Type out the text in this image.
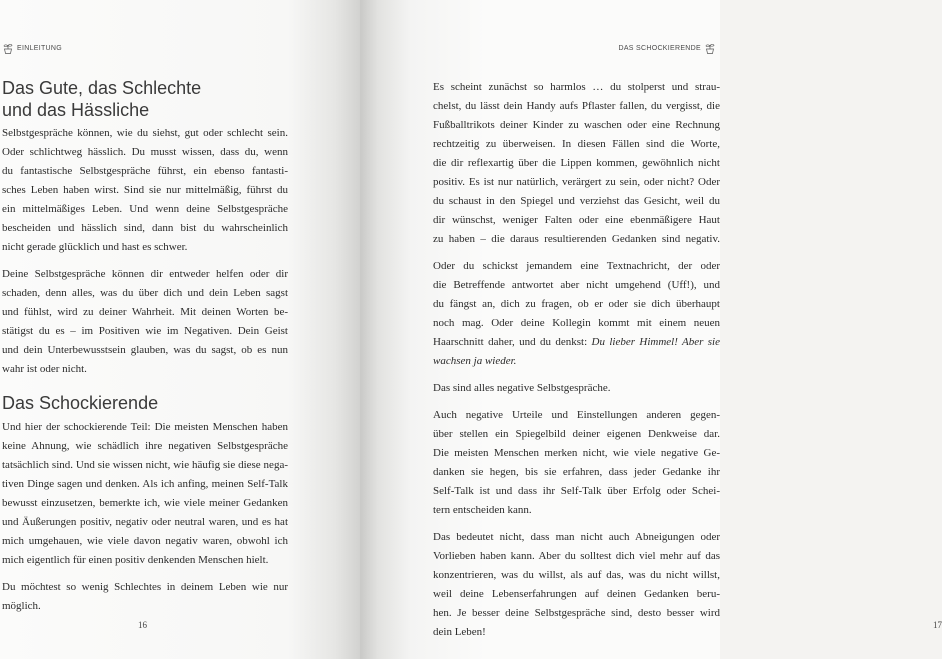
EINLEITUNG
Das Gute, das Schlechte
und das Hässliche

Selbstgespräche können, wie du siehst, gut oder schlecht sein.
Oder schlichtweg hässlich. Du musst wissen, dass du, wenn
du fantastische Selbstgespräche führst, ein ebenso fantasti-
sches Leben haben wirst. Sind sie nur mittelmäßig, führst du
ein mittelmäßiges Leben. Und wenn deine Selbstgespräche
bescheiden und hässlich sind, dann bist du wahrscheinlich
nicht gerade glücklich und hast es schwer.

Deine Selbstgespräche können dir entweder helfen oder dir
schaden, denn alles, was du über dich und dein Leben sagst
und fühlst, wird zu deiner Wahrheit. Mit deinen Worten be-
stätigst du es – im Positiven wie im Negativen. Dein Geist
und dein Unterbewusstsein glauben, was du sagst, ob es nun
wahr ist oder nicht.

Das Schockierende

Und hier der schockierende Teil: Die meisten Menschen haben
keine Ahnung, wie schädlich ihre negativen Selbstgespräche
tatsächlich sind. Und sie wissen nicht, wie häufig sie diese nega-
tiven Dinge sagen und denken. Als ich anfing, meinen Self-Talk
bewusst einzusetzen, bemerkte ich, wie viele meiner Gedanken
und Äußerungen positiv, negativ oder neutral waren, und es hat
mich umgehauen, wie viele davon negativ waren, obwohl ich
mich eigentlich für einen positiv denkenden Menschen hielt.

Du möchtest so wenig Schlechtes in deinem Leben wie nur
möglich.

16
DAS SCHOCKIERENDE
17

Es scheint zunächst so harmlos … du stolperst und strau-
chelst, du lässt dein Handy aufs Pflaster fallen, du vergisst, die
Fußballtrikots deiner Kinder zu waschen oder eine Rechnung
rechtzeitig zu überweisen. In diesen Fällen sind die Worte,
die dir reflexartig über die Lippen kommen, gewöhnlich nicht
positiv. Es ist nur natürlich, verärgert zu sein, oder nicht? Oder
du schaust in den Spiegel und verziehst das Gesicht, weil du
dir wünschst, weniger Falten oder eine ebenmäßigere Haut
zu haben – die daraus resultierenden Gedanken sind negativ.

Oder du schickst jemandem eine Textnachricht, der oder
die Betreffende antwortet aber nicht umgehend (Uff!), und
du fängst an, dich zu fragen, ob er oder sie dich überhaupt
noch mag. Oder deine Kollegin kommt mit einem neuen
Haarschnitt daher, und du denkst: Du lieber Himmel! Aber sie
wachsen ja wieder.

Das sind alles negative Selbstgespräche.

Auch negative Urteile und Einstellungen anderen gegen-
über stellen ein Spiegelbild deiner eigenen Denkweise dar.
Die meisten Menschen merken nicht, wie viele negative Ge-
danken sie hegen, bis sie erfahren, dass jeder Gedanke ihr
Self-Talk ist und dass ihr Self-Talk über Erfolg oder Schei-
tern entscheiden kann.

Das bedeutet nicht, dass man nicht auch Abneigungen oder
Vorlieben haben kann. Aber du solltest dich viel mehr auf das
konzentrieren, was du willst, als auf das, was du nicht willst,
weil deine Lebenserfahrungen auf deinen Gedanken beru-
hen. Je besser deine Selbstgespräche sind, desto besser wird
dein Leben!
